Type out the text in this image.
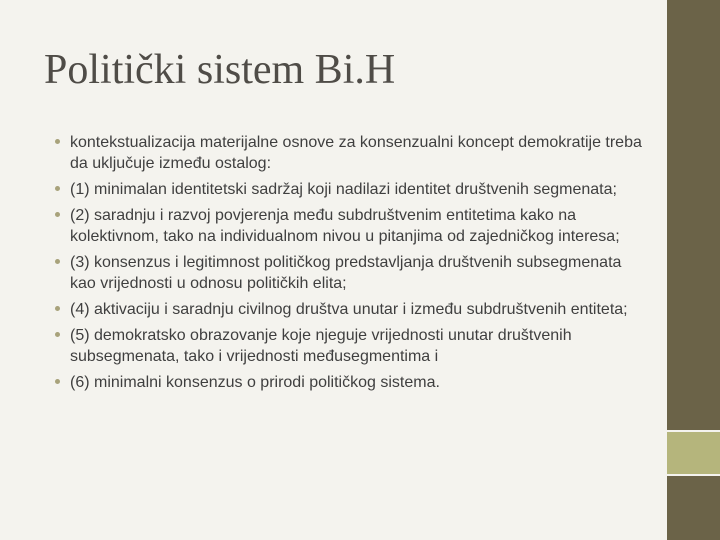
Politički sistem Bi.H
kontekstualizacija materijalne osnove za konsenzualni koncept demokratije treba da uključuje između ostalog:
(1) minimalan identitetski sadržaj koji nadilazi identitet društvenih segmenata;
(2) saradnju i razvoj povjerenja među subdruštvenim entitetima kako na kolektivnom, tako na individualnom nivou u pitanjima od zajedničkog interesa;
(3) konsenzus i legitimnost političkog predstavljanja društvenih subsegmenata kao vrijednosti u odnosu političkih elita;
(4) aktivaciju i saradnju civilnog društva unutar i između subdruštvenih entiteta;
(5) demokratsko obrazovanje koje njeguje vrijednosti unutar društvenih subsegmenata, tako i vrijednosti međusegmentima i
(6) minimalni konsenzus o prirodi političkog sistema.
